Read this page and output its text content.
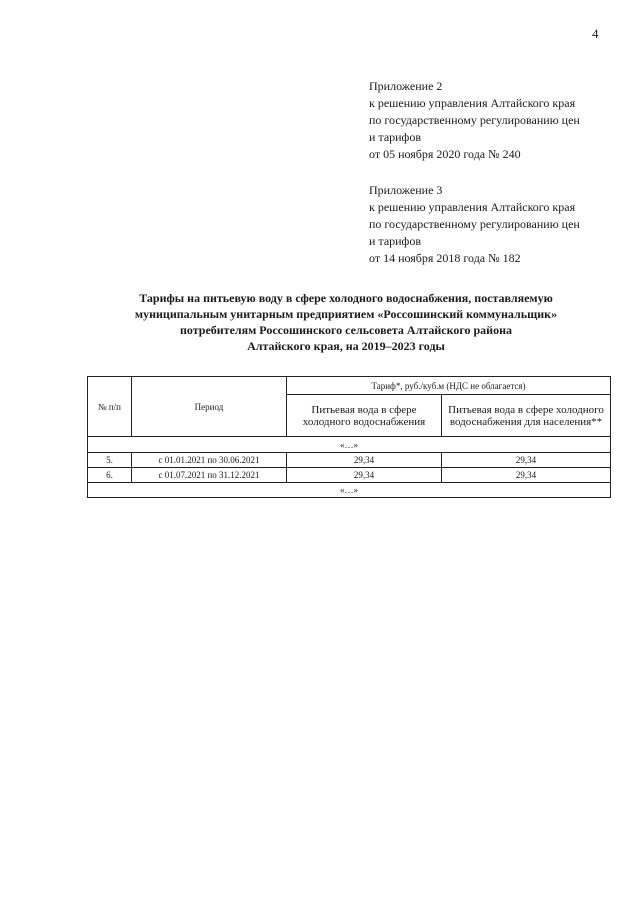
4
Приложение 2
к решению управления Алтайского края
по государственному регулированию цен
и тарифов
от 05 ноября 2020 года № 240
Приложение 3
к решению управления Алтайского края
по государственному регулированию цен
и тарифов
от 14 ноября 2018 года № 182
Тарифы на питьевую воду в сфере холодного водоснабжения, поставляемую
муниципальным унитарным предприятием «Россошинский коммунальщик»
потребителям Россошинского сельсовета Алтайского района
Алтайского края, на 2019–2023 годы
№ п/п	Период	Тариф*, руб./куб.м (НДС не облагается)	
		Питьевая вода в сфере холодного водоснабжения	Питьевая вода в сфере холодного водоснабжения для населения**
«…»			
5.	с 01.01.2021 по 30.06.2021	29,34	29,34
6.	с 01.07.2021 по 31.12.2021	29,34	29,34
«…»			
